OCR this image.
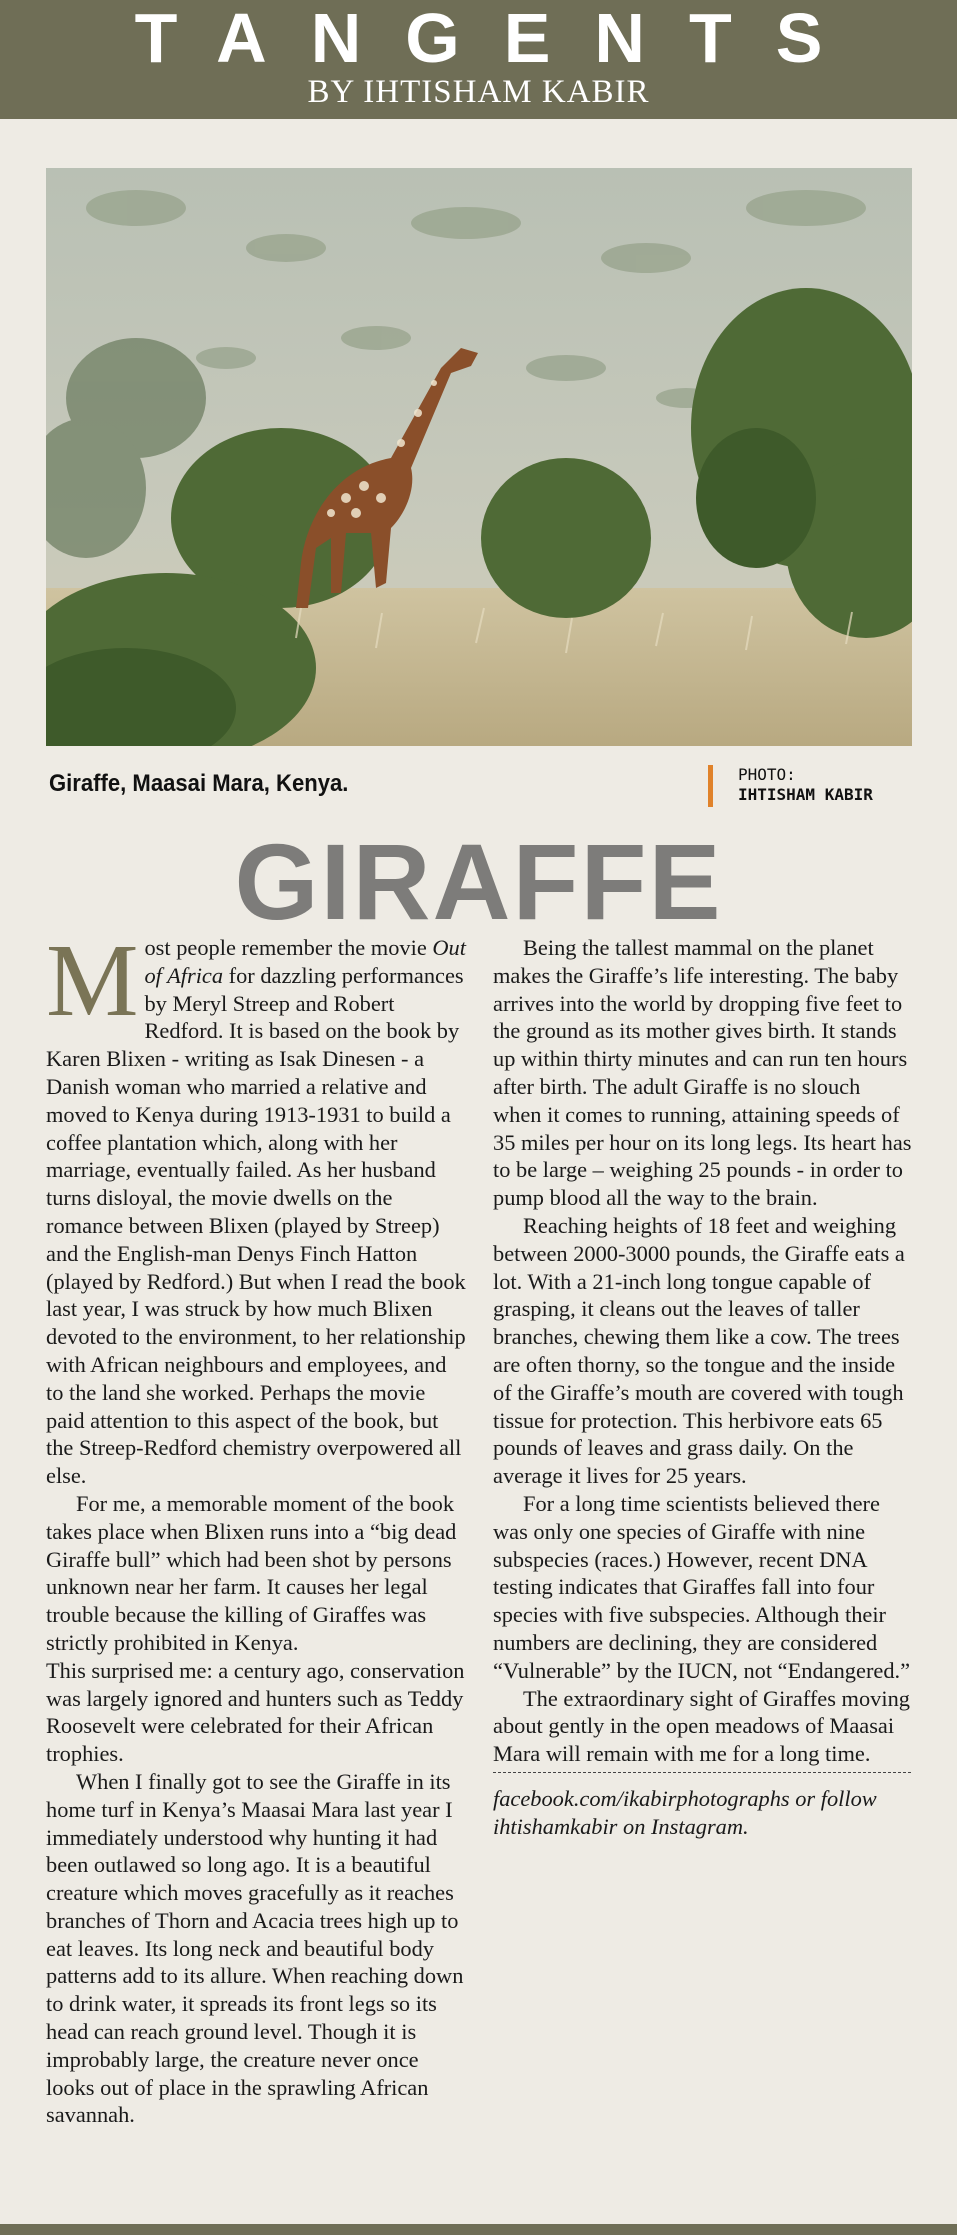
TANGENTS
BY IHTISHAM KABIR
Giraffe, Maasai Mara, Kenya.	PHOTO:
IHTISHAM KABIR
GIRAFFE

Most people remember the movie Out of Africa for dazzling performances by Meryl Streep and Robert Redford. It is based on the book by Karen Blixen - writing as Isak Dinesen - a Danish woman who married a relative and moved to Kenya during 1913-1931 to build a coffee plantation which, along with her marriage, eventually failed. As her husband turns disloyal, the movie dwells on the romance between Blixen (played by Streep) and the English-man Denys Finch Hatton (played by Redford.) But when I read the book last year, I was struck by how much Blixen devoted to the environment, to her relationship with African neighbours and employees, and to the land she worked. Perhaps the movie paid attention to this aspect of the book, but the Streep-Redford chemistry overpowered all else.

For me, a memorable moment of the book takes place when Blixen runs into a “big dead Giraffe bull” which had been shot by persons unknown near her farm. It causes her legal trouble because the killing of Giraffes was strictly prohibited in Kenya.

This surprised me: a century ago, conservation was largely ignored and hunters such as Teddy Roosevelt were celebrated for their African trophies.

When I finally got to see the Giraffe in its home turf in Kenya’s Maasai Mara last year I immediately understood why hunting it had been outlawed so long ago. It is a beautiful creature which moves gracefully as it reaches branches of Thorn and Acacia trees high up to eat leaves. Its long neck and beautiful body patterns add to its allure. When reaching down to drink water, it spreads its front legs so its head can reach ground level. Though it is improbably large, the creature never once looks out of place in the sprawling African savannah.

Being the tallest mammal on the planet makes the Giraffe’s life interesting. The baby arrives into the world by dropping five feet to the ground as its mother gives birth. It stands up within thirty minutes and can run ten hours after birth. The adult Giraffe is no slouch when it comes to running, attaining speeds of 35 miles per hour on its long legs. Its heart has to be large – weighing 25 pounds - in order to pump blood all the way to the brain.

Reaching heights of 18 feet and weighing between 2000-3000 pounds, the Giraffe eats a lot. With a 21-inch long tongue capable of grasping, it cleans out the leaves of taller branches, chewing them like a cow. The trees are often thorny, so the tongue and the inside of the Giraffe’s mouth are covered with tough tissue for protection. This herbivore eats 65 pounds of leaves and grass daily. On the average it lives for 25 years.

For a long time scientists believed there was only one species of Giraffe with nine subspecies (races.) However, recent DNA testing indicates that Giraffes fall into four species with five subspecies. Although their numbers are declining, they are considered “Vulnerable” by the IUCN, not “Endangered.”

The extraordinary sight of Giraffes moving about gently in the open meadows of Maasai Mara will remain with me for a long time.

facebook.com/ikabirphotographs or follow ihtishamkabir on Instagram.
